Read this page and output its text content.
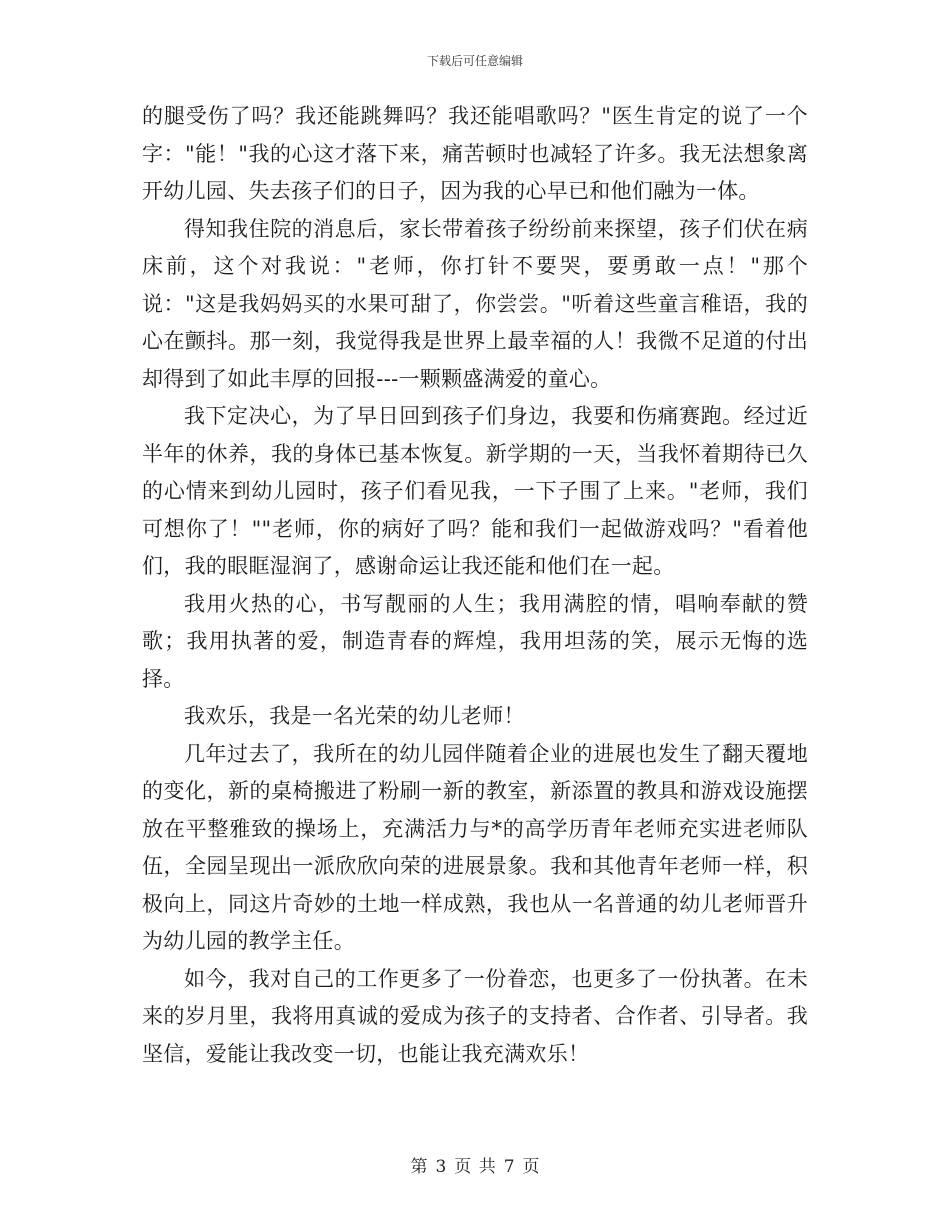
下载后可任意编辑

的腿受伤了吗？我还能跳舞吗？我还能唱歌吗？"医生肯定的说了一个字："能！"我的心这才落下来，痛苦顿时也减轻了许多。我无法想象离开幼儿园、失去孩子们的日子，因为我的心早已和他们融为一体。

得知我住院的消息后，家长带着孩子纷纷前来探望，孩子们伏在病床前，这个对我说："老师，你打针不要哭，要勇敢一点！"那个说："这是我妈妈买的水果可甜了，你尝尝。"听着这些童言稚语，我的心在颤抖。那一刻，我觉得我是世界上最幸福的人！我微不足道的付出却得到了如此丰厚的回报---一颗颗盛满爱的童心。

我下定决心，为了早日回到孩子们身边，我要和伤痛赛跑。经过近半年的休养，我的身体已基本恢复。新学期的一天，当我怀着期待已久的心情来到幼儿园时，孩子们看见我，一下子围了上来。"老师，我们可想你了！""老师，你的病好了吗？能和我们一起做游戏吗？"看着他们，我的眼眶湿润了，感谢命运让我还能和他们在一起。

我用火热的心，书写靓丽的人生；我用满腔的情，唱响奉献的赞歌；我用执著的爱，制造青春的辉煌，我用坦荡的笑，展示无悔的选择。

我欢乐，我是一名光荣的幼儿老师！

几年过去了，我所在的幼儿园伴随着企业的进展也发生了翻天覆地的变化，新的桌椅搬进了粉刷一新的教室，新添置的教具和游戏设施摆放在平整雅致的操场上，充满活力与*的高学历青年老师充实进老师队伍，全园呈现出一派欣欣向荣的进展景象。我和其他青年老师一样，积极向上，同这片奇妙的土地一样成熟，我也从一名普通的幼儿老师晋升为幼儿园的教学主任。

如今，我对自己的工作更多了一份眷恋，也更多了一份执著。在未来的岁月里，我将用真诚的爱成为孩子的支持者、合作者、引导者。我坚信，爱能让我改变一切，也能让我充满欢乐！

第 3 页 共 7 页
